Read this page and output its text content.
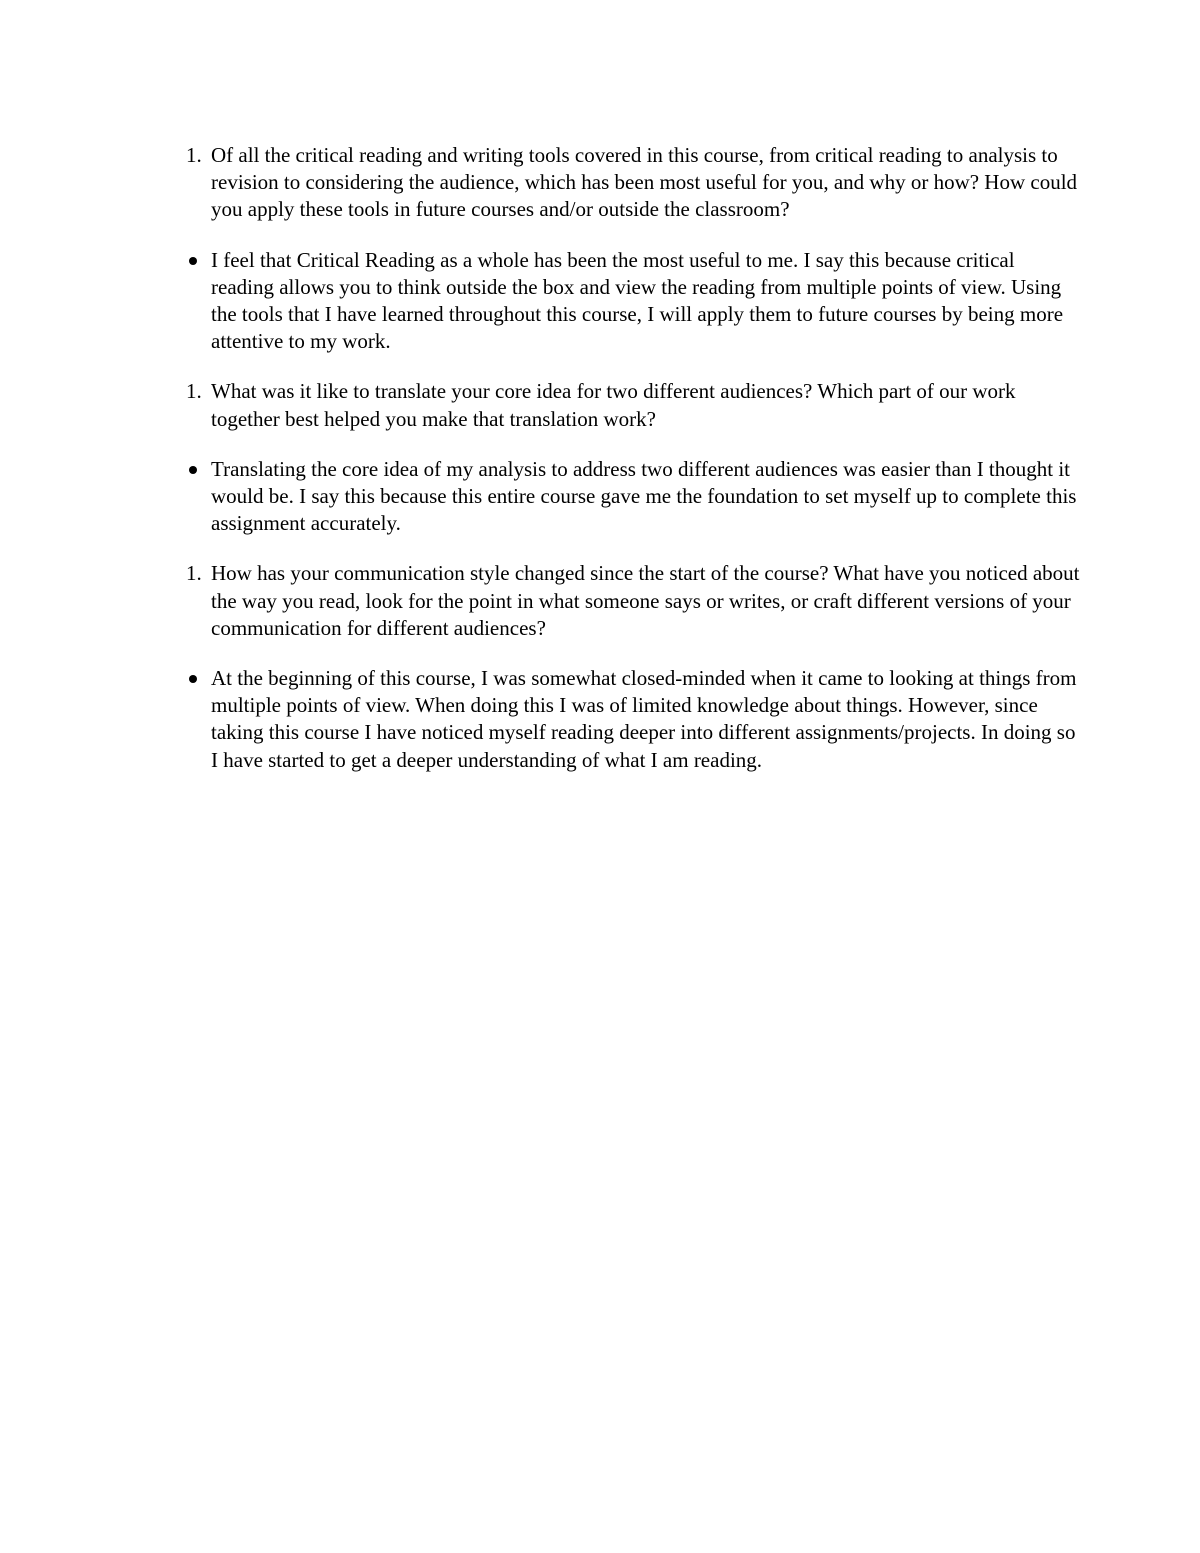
1. Of all the critical reading and writing tools covered in this course, from critical reading to analysis to revision to considering the audience, which has been most useful for you, and why or how? How could you apply these tools in future courses and/or outside the classroom?
I feel that Critical Reading as a whole has been the most useful to me. I say this because critical reading allows you to think outside the box and view the reading from multiple points of view. Using the tools that I have learned throughout this course, I will apply them to future courses by being more attentive to my work.
1. What was it like to translate your core idea for two different audiences? Which part of our work together best helped you make that translation work?
Translating the core idea of my analysis to address two different audiences was easier than I thought it would be. I say this because this entire course gave me the foundation to set myself up to complete this assignment accurately.
1. How has your communication style changed since the start of the course? What have you noticed about the way you read, look for the point in what someone says or writes, or craft different versions of your communication for different audiences?
At the beginning of this course, I was somewhat closed-minded when it came to looking at things from multiple points of view. When doing this I was of limited knowledge about things. However, since taking this course I have noticed myself reading deeper into different assignments/projects. In doing so I have started to get a deeper understanding of what I am reading.
